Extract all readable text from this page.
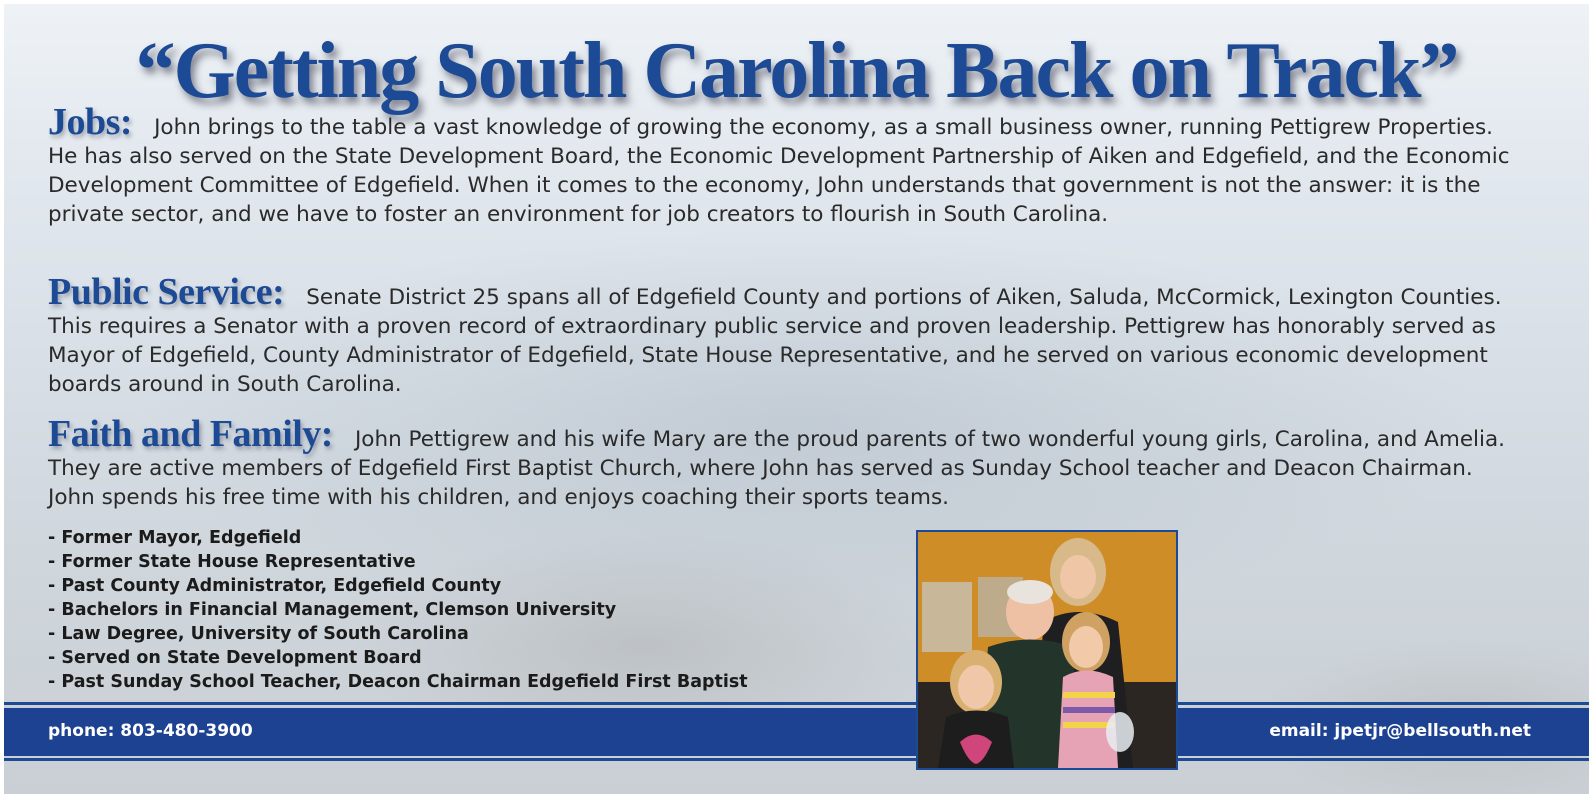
“Getting South Carolina Back on Track”
Jobs: John brings to the table a vast knowledge of growing the economy, as a small business owner, running Pettigrew Properties. He has also served on the State Development Board, the Economic Development Partnership of Aiken and Edgefield, and the Economic Development Committee of Edgefield. When it comes to the economy, John understands that government is not the answer: it is the private sector, and we have to foster an environment for job creators to flourish in South Carolina.
Public Service: Senate District 25 spans all of Edgefield County and portions of Aiken, Saluda, McCormick, Lexington Counties. This requires a Senator with a proven record of extraordinary public service and proven leadership. Pettigrew has honorably served as Mayor of Edgefield, County Administrator of Edgefield, State House Representative, and he served on various economic development boards around in South Carolina.
Faith and Family: John Pettigrew and his wife Mary are the proud parents of two wonderful young girls, Carolina, and Amelia. They are active members of Edgefield First Baptist Church, where John has served as Sunday School teacher and Deacon Chairman. John spends his free time with his children, and enjoys coaching their sports teams.
- Former Mayor, Edgefield
- Former State House Representative
- Past County Administrator, Edgefield County
- Bachelors in Financial Management, Clemson University
- Law Degree, University of South Carolina
- Served on State Development Board
- Past Sunday School Teacher, Deacon Chairman Edgefield First Baptist
phone: 803-480-3900	email: jpetjr@bellsouth.net
